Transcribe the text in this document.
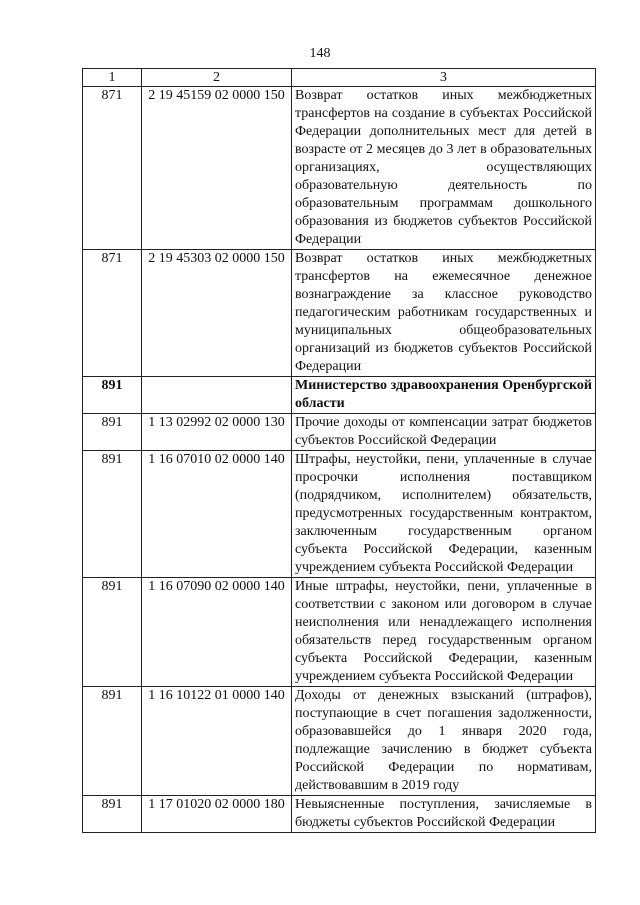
148
1	2	3
871	2 19 45159 02 0000 150	Возврат остатков иных межбюджетных трансфертов на создание в субъектах Российской Федерации дополнительных мест для детей в возрасте от 2 месяцев до 3 лет в образовательных организациях, осуществляющих образовательную деятельность по образовательным программам дошкольного образования из бюджетов субъектов Российской Федерации
871	2 19 45303 02 0000 150	Возврат остатков иных межбюджетных трансфертов на ежемесячное денежное вознаграждение за классное руководство педагогическим работникам государственных и муниципальных общеобразовательных организаций из бюджетов субъектов Российской Федерации
891		Министерство здравоохранения Оренбургской области
891	1 13 02992 02 0000 130	Прочие доходы от компенсации затрат бюджетов субъектов Российской Федерации
891	1 16 07010 02 0000 140	Штрафы, неустойки, пени, уплаченные в случае просрочки исполнения поставщиком (подрядчиком, исполнителем) обязательств, предусмотренных государственным контрактом, заключенным государственным органом субъекта Российской Федерации, казенным учреждением субъекта Российской Федерации
891	1 16 07090 02 0000 140	Иные штрафы, неустойки, пени, уплаченные в соответствии с законом или договором в случае неисполнения или ненадлежащего исполнения обязательств перед государственным органом субъекта Российской Федерации, казенным учреждением субъекта Российской Федерации
891	1 16 10122 01 0000 140	Доходы от денежных взысканий (штрафов), поступающие в счет погашения задолженности, образовавшейся до 1 января 2020 года, подлежащие зачислению в бюджет субъекта Российской Федерации по нормативам, действовавшим в 2019 году
891	1 17 01020 02 0000 180	Невыясненные поступления, зачисляемые в бюджеты субъектов Российской Федерации
